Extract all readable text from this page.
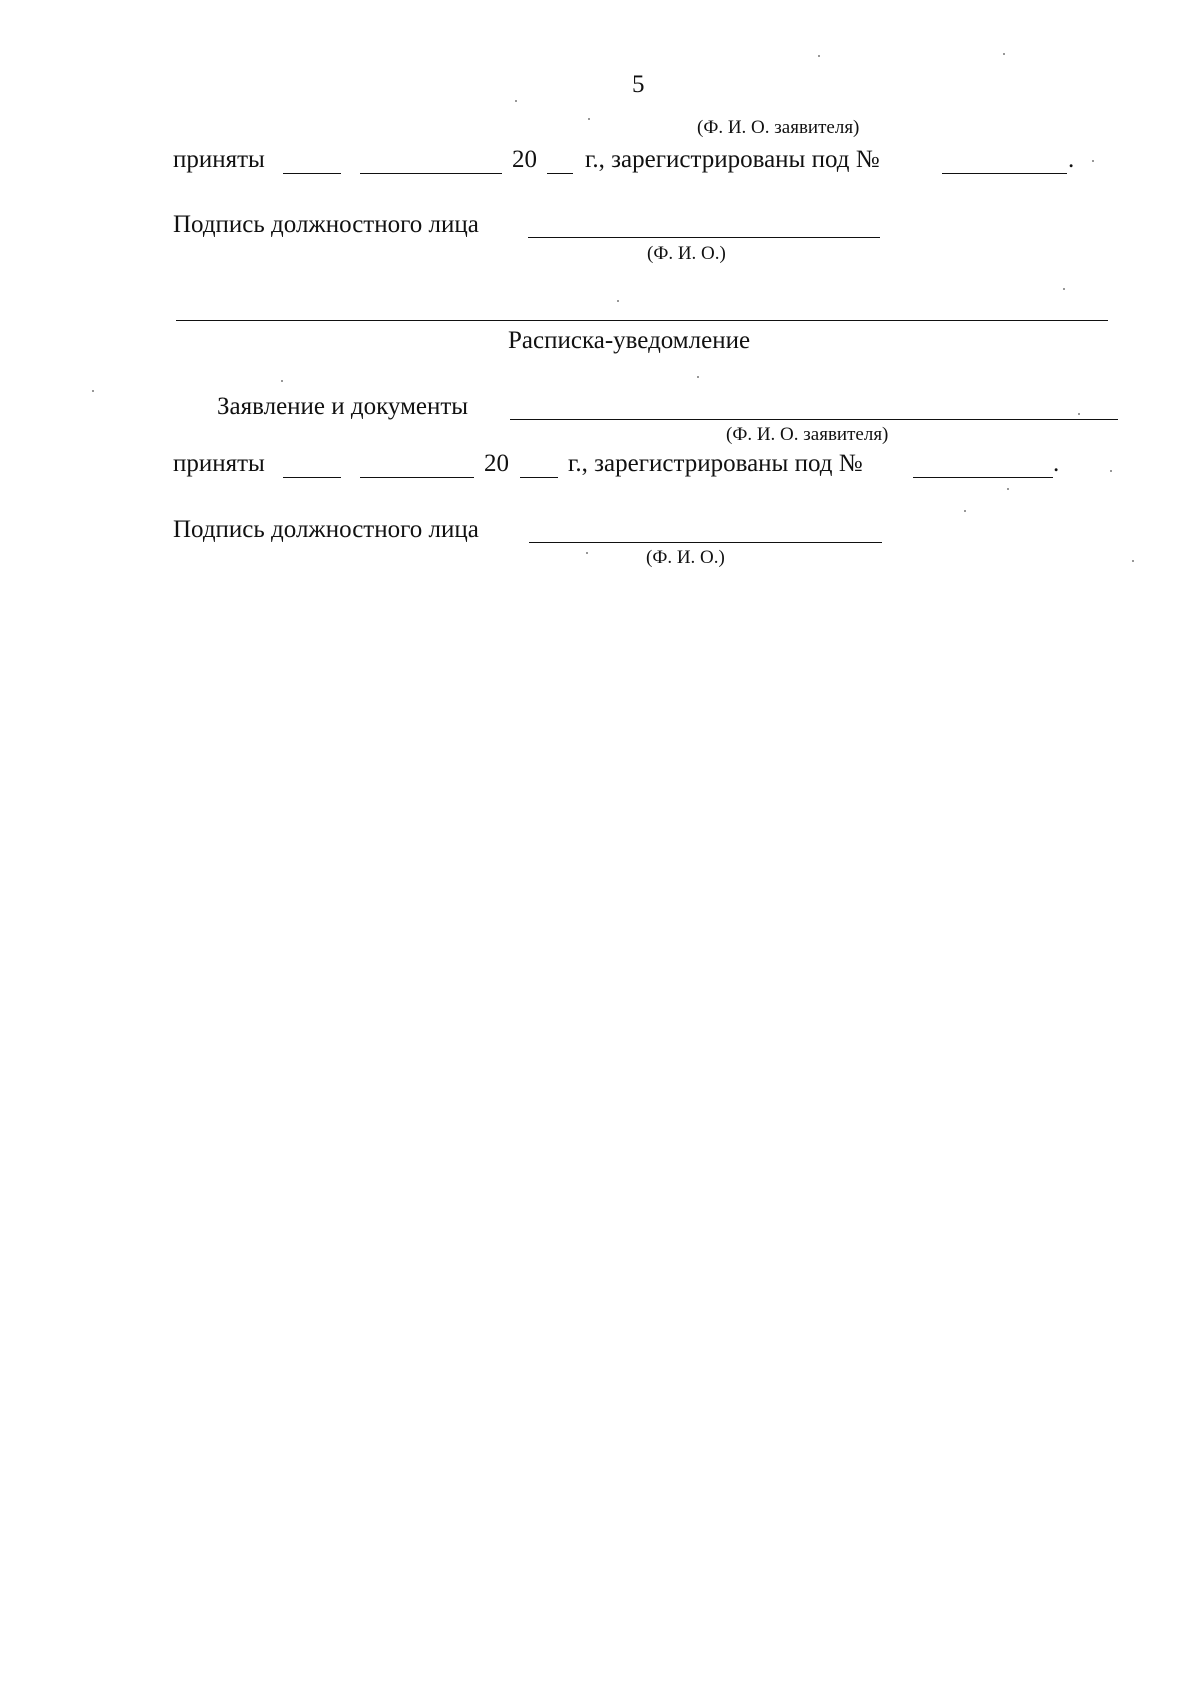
5
(Ф. И. О. заявителя)
приняты	20 г., зарегистрированы под №	.
Подпись должностного лица
(Ф. И. О.)
Расписка-уведомление
Заявление и документы
(Ф. И. О. заявителя)
приняты	20 г., зарегистрированы под №	.
Подпись должностного лица
(Ф. И. О.)
